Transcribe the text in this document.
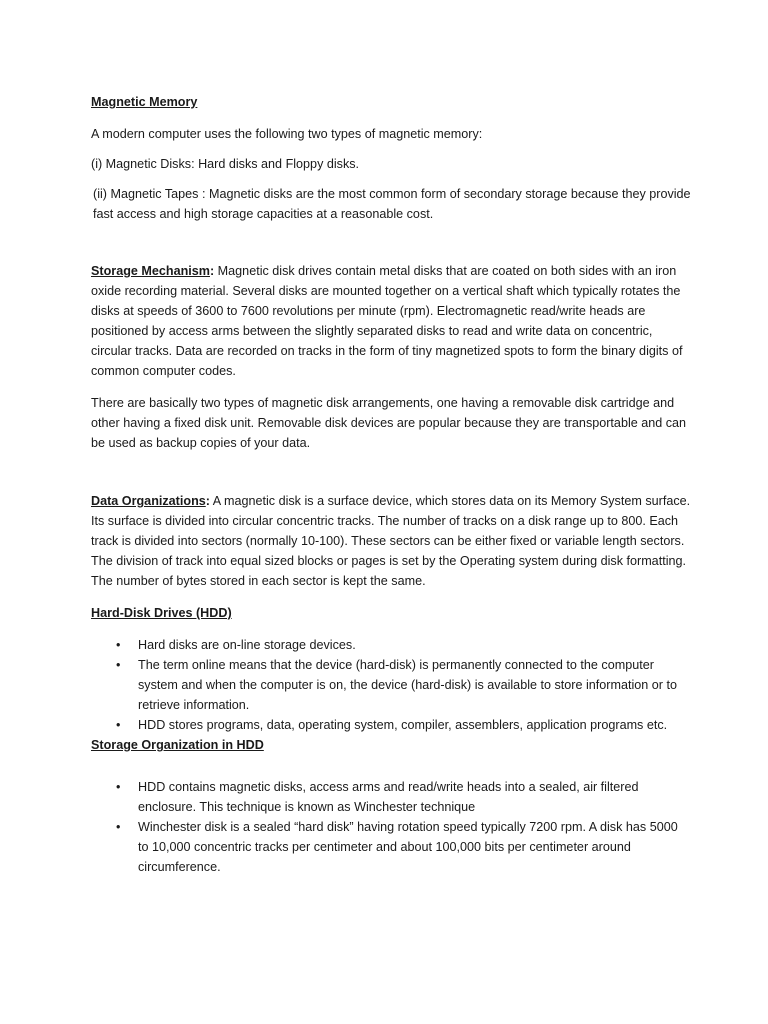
Magnetic Memory

A modern computer uses the following two types of magnetic memory:

(i) Magnetic Disks: Hard disks and Floppy disks.

(ii) Magnetic Tapes : Magnetic disks are the most common form of secondary storage because they provide fast access and high storage capacities at a reasonable cost.

Storage Mechanism: Magnetic disk drives contain metal disks that are coated on both sides with an iron oxide recording material. Several disks are mounted together on a vertical shaft which typically rotates the disks at speeds of 3600 to 7600 revolutions per minute (rpm). Electromagnetic read/write heads are positioned by access arms between the slightly separated disks to read and write data on concentric, circular tracks. Data are recorded on tracks in the form of tiny magnetized spots to form the binary digits of common computer codes.

There are basically two types of magnetic disk arrangements, one having a removable disk cartridge and other having a fixed disk unit. Removable disk devices are popular because they are transportable and can be used as backup copies of your data.

Data Organizations: A magnetic disk is a surface device, which stores data on its Memory System surface. Its surface is divided into circular concentric tracks. The number of tracks on a disk range up to 800. Each track is divided into sectors (normally 10-100). These sectors can be either fixed or variable length sectors. The division of track into equal sized blocks or pages is set by the Operating system during disk formatting. The number of bytes stored in each sector is kept the same.

Hard-Disk Drives (HDD)

• Hard disks are on-line storage devices.
• The term online means that the device (hard-disk) is permanently connected to the computer system and when the computer is on, the device (hard-disk) is available to store information or to retrieve information.
• HDD stores programs, data, operating system, compiler, assemblers, application programs etc.

Storage Organization in HDD

• HDD contains magnetic disks, access arms and read/write heads into a sealed, air filtered enclosure. This technique is known as Winchester technique
• Winchester disk is a sealed “hard disk” having rotation speed typically 7200 rpm. A disk has 5000 to 10,000 concentric tracks per centimeter and about 100,000 bits per centimeter around circumference.
